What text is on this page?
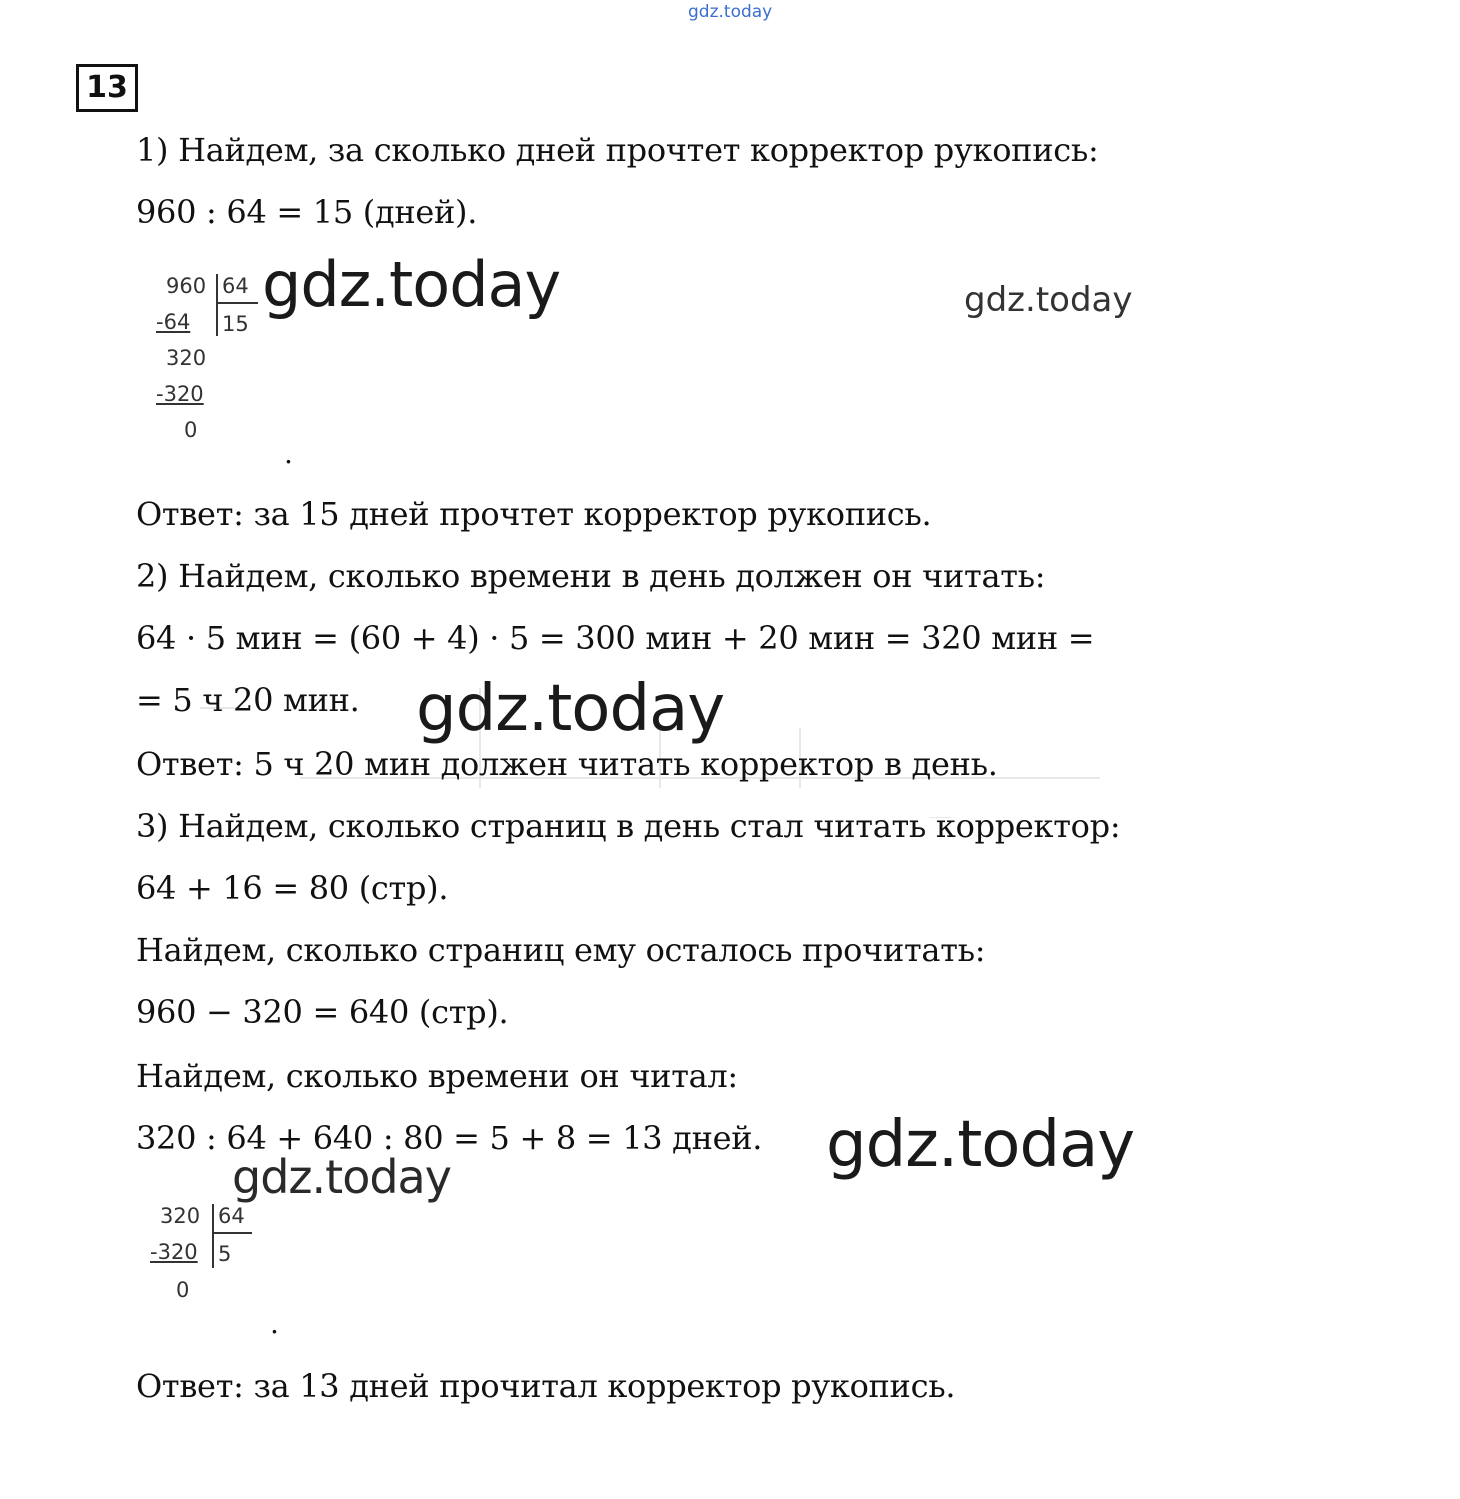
gdz.today
gdz.today	gdz.today
gdz.today
gdz.today
gdz.today
13
1) Найдем, за сколько дней прочтет корректор рукопись:
960 : 64 = 15 (дней).
960 64
-64 15
320
-320
0
.
Ответ: за 15 дней прочтет корректор рукопись.
2) Найдем, сколько времени в день должен он читать:
64 · 5 мин = (60 + 4) · 5 = 300 мин + 20 мин = 320 мин =
= 5 ч 20 мин.
Ответ: 5 ч 20 мин должен читать корректор в день.
3) Найдем, сколько страниц в день стал читать корректор:
64 + 16 = 80 (стр).
Найдем, сколько страниц ему осталось прочитать:
960 − 320 = 640 (стр).
Найдем, сколько времени он читал:
320 : 64 + 640 : 80 = 5 + 8 = 13 дней.
320 64
-320 5
0
.
Ответ: за 13 дней прочитал корректор рукопись.
